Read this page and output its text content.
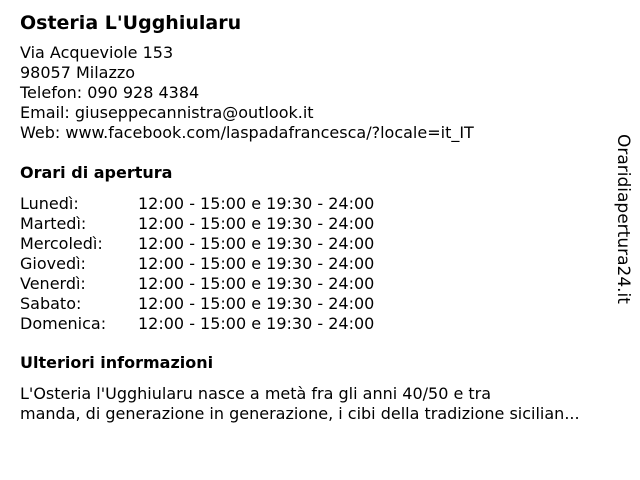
Osteria L'Ugghiularu
Via Acqueviole 153
98057 Milazzo
Telefon: 090 928 4384
Email: giuseppecannistra@outlook.it
Web: www.facebook.com/laspadafrancesca/?locale=it_IT
Orari di apertura
Lunedì:	12:00 - 15:00 e 19:30 - 24:00
Martedì:	12:00 - 15:00 e 19:30 - 24:00
Mercoledì:	12:00 - 15:00 e 19:30 - 24:00
Giovedì:	12:00 - 15:00 e 19:30 - 24:00
Venerdì:	12:00 - 15:00 e 19:30 - 24:00
Sabato:	12:00 - 15:00 e 19:30 - 24:00
Domenica:	12:00 - 15:00 e 19:30 - 24:00
Ulteriori informazioni
L'Osteria l'Ugghiularu nasce a metà fra gli anni 40/50 e tra
manda, di generazione in generazione, i cibi della tradizione sicilian...
Oraridiapertura24.it
